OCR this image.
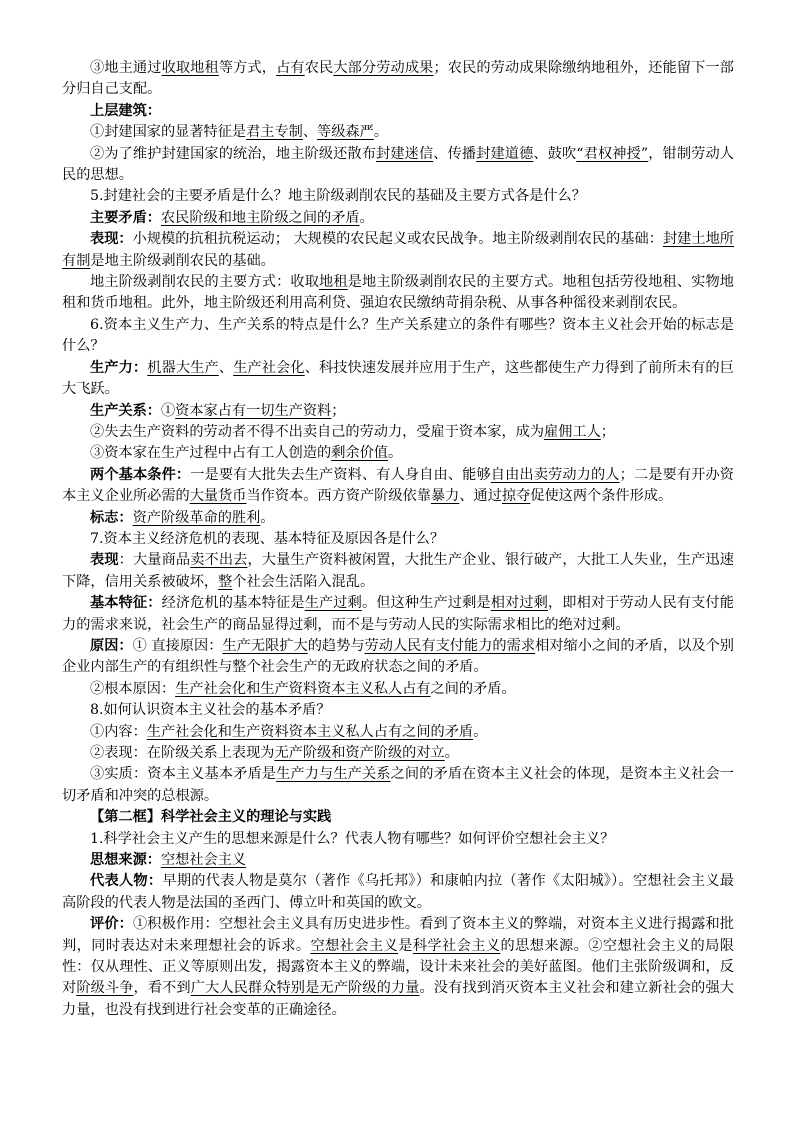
③地主通过收取地租等方式，占有农民大部分劳动成果；农民的劳动成果除缴纳地租外，还能留下一部分归自己支配。

上层建筑：

①封建国家的显著特征是君主专制、等级森严。

②为了维护封建国家的统治，地主阶级还散布封建迷信、传播封建道德、鼓吹“君权神授”，钳制劳动人民的思想。

5.封建社会的主要矛盾是什么？地主阶级剥削农民的基础及主要方式各是什么？

主要矛盾：农民阶级和地主阶级之间的矛盾。

表现：小规模的抗租抗税运动； 大规模的农民起义或农民战争。地主阶级剥削农民的基础：封建土地所有制是地主阶级剥削农民的基础。

地主阶级剥削农民的主要方式：收取地租是地主阶级剥削农民的主要方式。地租包括劳役地租、实物地租和货币地租。此外，地主阶级还利用高利贷、强迫农民缴纳苛捐杂税、从事各种徭役来剥削农民。

6.资本主义生产力、生产关系的特点是什么？生产关系建立的条件有哪些？资本主义社会开始的标志是什么？

生产力：机器大生产、生产社会化、科技快速发展并应用于生产，这些都使生产力得到了前所未有的巨大飞跃。

生产关系：①资本家占有一切生产资料；

②失去生产资料的劳动者不得不出卖自己的劳动力，受雇于资本家，成为雇佣工人；

③资本家在生产过程中占有工人创造的剩余价值。

两个基本条件：一是要有大批失去生产资料、有人身自由、能够自由出卖劳动力的人；二是要有开办资本主义企业所必需的大量货币当作资本。西方资产阶级依靠暴力、通过掠夺促使这两个条件形成。

标志：资产阶级革命的胜利。

7.资本主义经济危机的表现、基本特征及原因各是什么？

表现：大量商品卖不出去，大量生产资料被闲置，大批生产企业、银行破产，大批工人失业，生产迅速下降，信用关系被破坏，整个社会生活陷入混乱。

基本特征：经济危机的基本特征是生产过剩。但这种生产过剩是相对过剩，即相对于劳动人民有支付能力的需求来说，社会生产的商品显得过剩，而不是与劳动人民的实际需求相比的绝对过剩。

原因：① 直接原因：生产无限扩大的趋势与劳动人民有支付能力的需求相对缩小之间的矛盾，以及个别企业内部生产的有组织性与整个社会生产的无政府状态之间的矛盾。

②根本原因：生产社会化和生产资料资本主义私人占有之间的矛盾。

8.如何认识资本主义社会的基本矛盾？

①内容：生产社会化和生产资料资本主义私人占有之间的矛盾。

②表现：在阶级关系上表现为无产阶级和资产阶级的对立。

③实质：资本主义基本矛盾是生产力与生产关系之间的矛盾在资本主义社会的体现，是资本主义社会一切矛盾和冲突的总根源。

【第二框】科学社会主义的理论与实践

1.科学社会主义产生的思想来源是什么？代表人物有哪些？如何评价空想社会主义？

思想来源：空想社会主义

代表人物：早期的代表人物是莫尔（著作《乌托邦》）和康帕内拉（著作《太阳城》）。空想社会主义最高阶段的代表人物是法国的圣西门、傅立叶和英国的欧文。

评价：①积极作用：空想社会主义具有历史进步性。看到了资本主义的弊端，对资本主义进行揭露和批判，同时表达对未来理想社会的诉求。空想社会主义是科学社会主义的思想来源。②空想社会主义的局限性：仅从理性、正义等原则出发，揭露资本主义的弊端，设计未来社会的美好蓝图。他们主张阶级调和，反对阶级斗争，看不到广大人民群众特别是无产阶级的力量。没有找到消灭资本主义社会和建立新社会的强大力量，也没有找到进行社会变革的正确途径。
